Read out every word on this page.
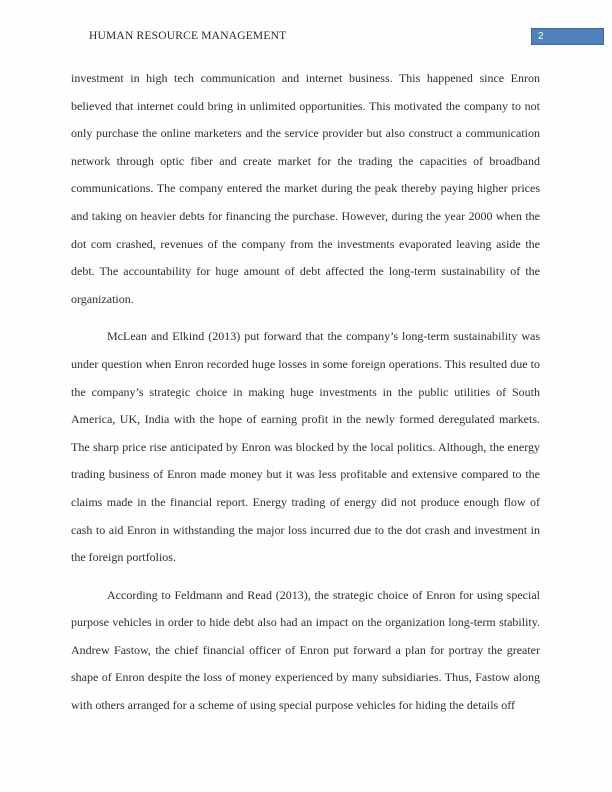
HUMAN RESOURCE MANAGEMENT	2

investment in high tech communication and internet business. This happened since Enron believed that internet could bring in unlimited opportunities. This motivated the company to not only purchase the online marketers and the service provider but also construct a communication network through optic fiber and create market for the trading the capacities of broadband communications. The company entered the market during the peak thereby paying higher prices and taking on heavier debts for financing the purchase. However, during the year 2000 when the dot com crashed, revenues of the company from the investments evaporated leaving aside the debt. The accountability for huge amount of debt affected the long-term sustainability of the organization.

McLean and Elkind (2013) put forward that the company’s long-term sustainability was under question when Enron recorded huge losses in some foreign operations. This resulted due to the company’s strategic choice in making huge investments in the public utilities of South America, UK, India with the hope of earning profit in the newly formed deregulated markets. The sharp price rise anticipated by Enron was blocked by the local politics. Although, the energy trading business of Enron made money but it was less profitable and extensive compared to the claims made in the financial report. Energy trading of energy did not produce enough flow of cash to aid Enron in withstanding the major loss incurred due to the dot crash and investment in the foreign portfolios.

According to Feldmann and Read (2013), the strategic choice of Enron for using special purpose vehicles in order to hide debt also had an impact on the organization long-term stability. Andrew Fastow, the chief financial officer of Enron put forward a plan for portray the greater shape of Enron despite the loss of money experienced by many subsidiaries. Thus, Fastow along with others arranged for a scheme of using special purpose vehicles for hiding the details off
